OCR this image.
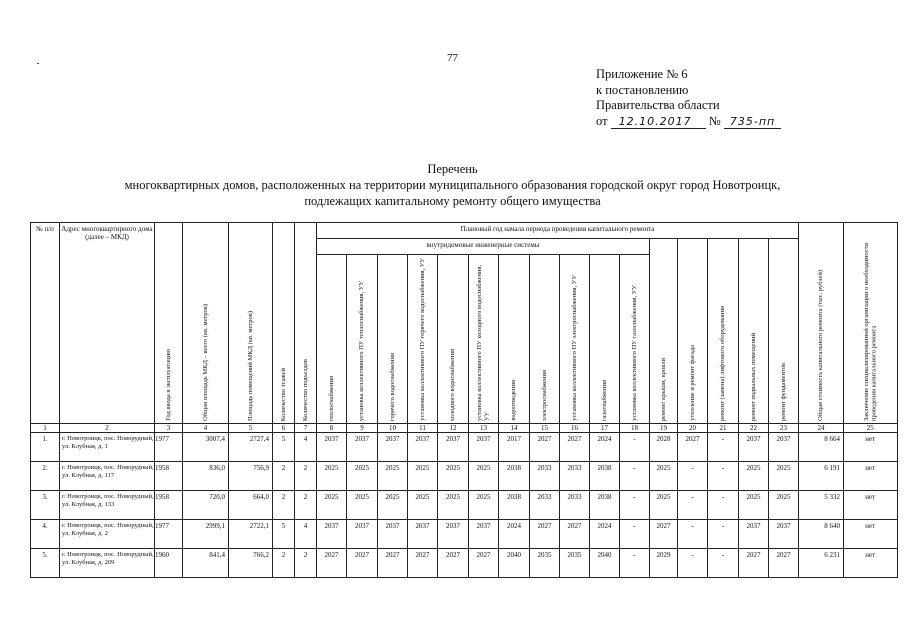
77
Приложение № 6
к постановлению
Правительства области
от 12.10.2017 № 735-пп
Перечень
многоквартирных домов, расположенных на территории муниципального образования городской округ город Новотроицк,
подлежащих капитальному ремонту общего имущества
№ п/п	Адрес многоквартирного дома (далее – МКД)	Год ввода в эксплуатацию	Общая площадь МКД – всего (кв. метров)	Площадь помещений МКД (кв. метров)	Количество этажей	Количество подъездов	Плановый год начала периода проведения капитального ремонта																Общая стоимость капитального ремонта (тыс. рублей)	Заключение специализированной организации о необходимости проведения капитального ремонта

							внутридомовые инженерные системы											ремонт крыши, кровли	утепление и ремонт фасада	ремонт (замена) лифтового оборудования	ремонт подвальных помещений	ремонт фундаментов		

							теплоснабжения	установка коллективного ПУ теплоснабжения, УУ	горячего водоснабжения	установка коллективного ПУ горячего водоснабжения, УУ	холодного водоснабжения	установка коллективного ПУ холодного водоснабжения, УУ	водоотведения	электроснабжения	установка коллективного ПУ электроснабжения, УУ	газоснабжения	установка коллективного ПУ газоснабжения, УУ							

1	2	3	4	5	6	7	8	9	10	11	12	13	14	15	16	17	18	19	20	21	22	23	24	25
1.	г. Новотроицк, пос. Новорудный, ул. Клубная, д. 1	1977	3007,4	2727,4	5	4	2037	2037	2037	2037	2037	2037	2017	2027	2027	2024	-	2028	2027	-	2037	2037	8 664	нет
2.	г. Новотроицк, пос. Новорудный, ул. Клубная, д. 117	1958	836,0	756,9	2	2	2025	2025	2025	2025	2025	2025	2038	2033	2033	2038	-	2025	-	-	2025	2025	6 191	нет
3.	г. Новотроицк, пос. Новорудный, ул. Клубная, д. 133	1958	720,0	664,0	2	2	2025	2025	2025	2025	2025	2025	2038	2033	2033	2038	-	2025	-	-	2025	2025	5 332	нет
4.	г. Новотроицк, пос. Новорудный, ул. Клубная, д. 2	1977	2999,1	2722,1	5	4	2037	2037	2037	2037	2037	2037	2024	2027	2027	2024	-	2027	-	-	2037	2037	8 640	нет
5.	г. Новотроицк, пос. Новорудный, ул. Клубная, д. 209	1960	841,4	766,2	2	2	2027	2027	2027	2027	2027	2027	2040	2035	2035	2040	-	2029	-	-	2027	2027	6 231	нет
